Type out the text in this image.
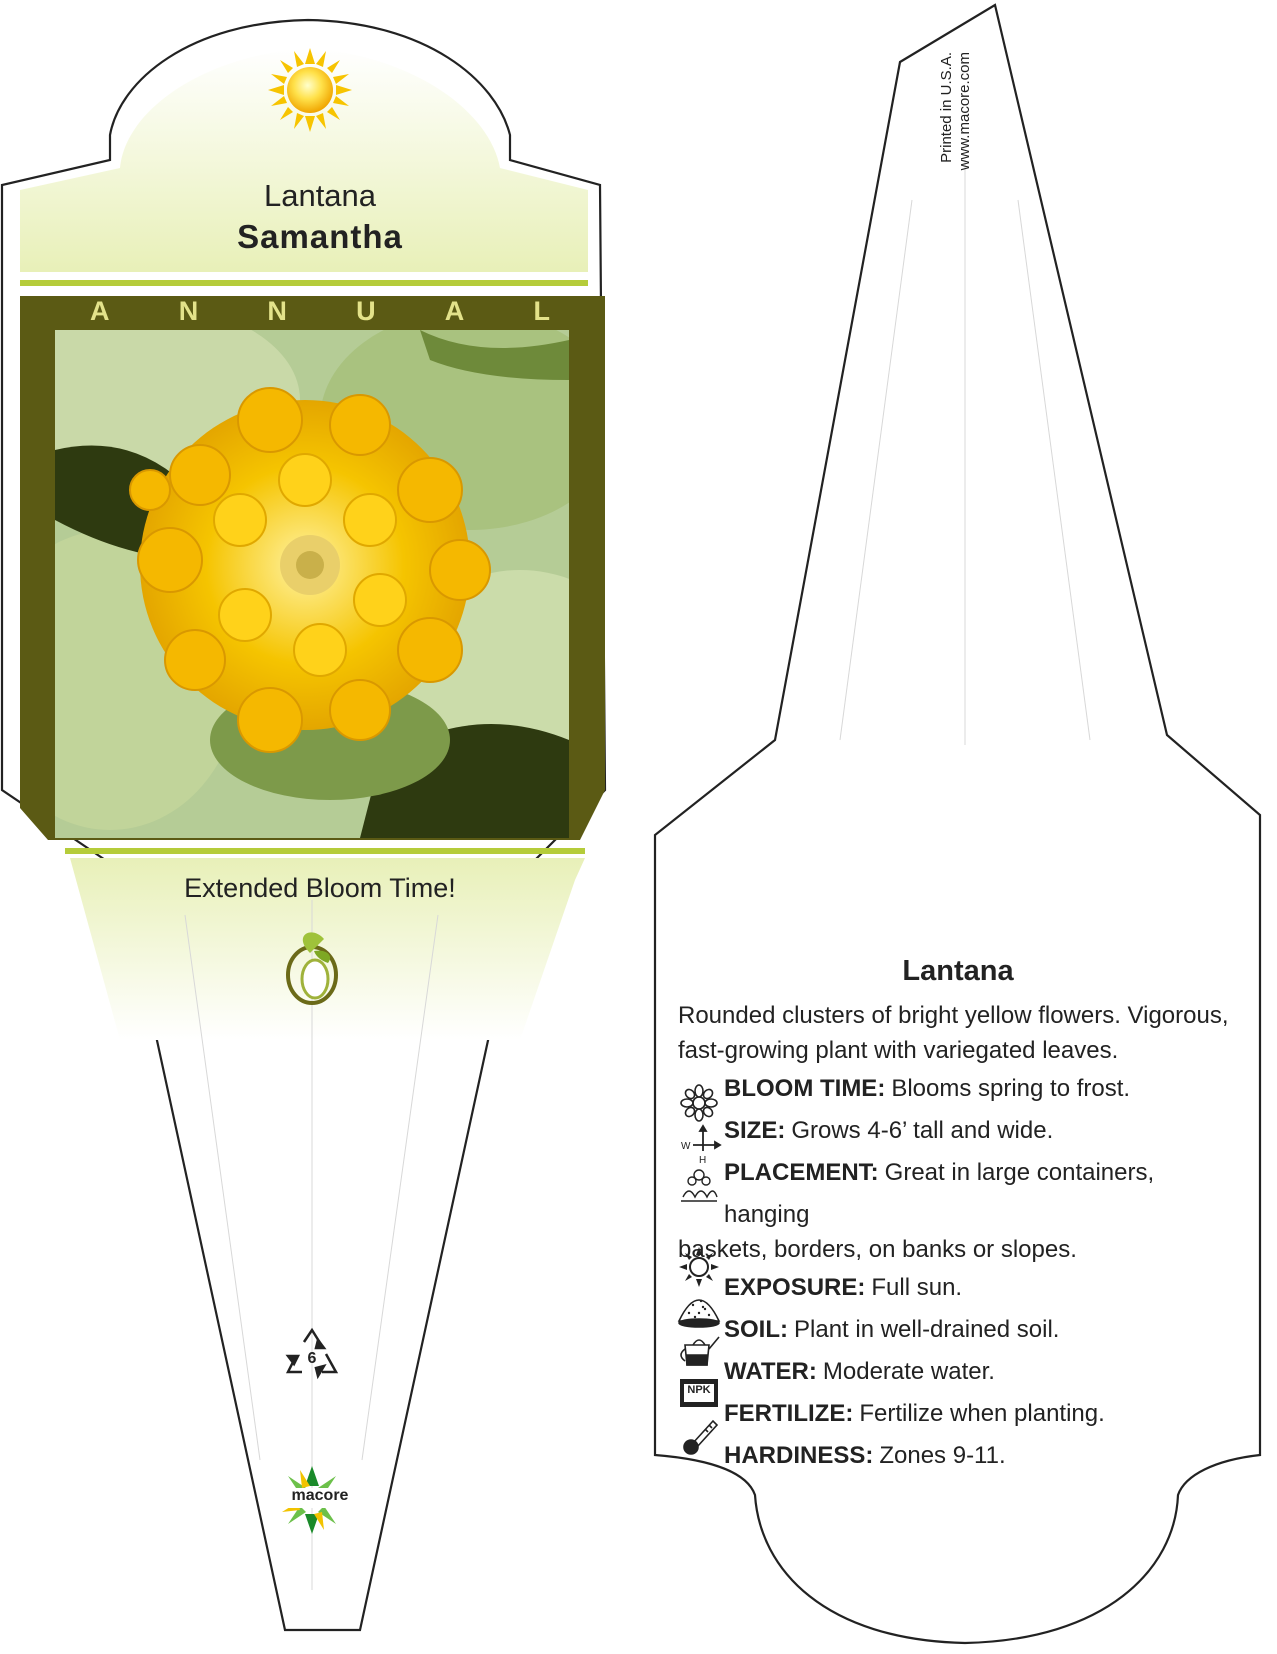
W
H
Lantana
Samantha
A	N	N	U	A	L
Extended Bloom Time!
6
macore
Printed in U.S.A. www.macore.com
Lantana

Rounded clusters of bright yellow flowers. Vigorous, fast-growing plant with variegated leaves.

BLOOM TIME: Blooms spring to frost.
SIZE: Grows 4-6’ tall and wide.
PLACEMENT: Great in large containers, hanging
baskets, borders, on banks or slopes.
EXPOSURE: Full sun.
SOIL: Plant in well-drained soil.
WATER: Moderate water.
FERTILIZE: Fertilize when planting.
HARDINESS: Zones 9-11.
NPK
